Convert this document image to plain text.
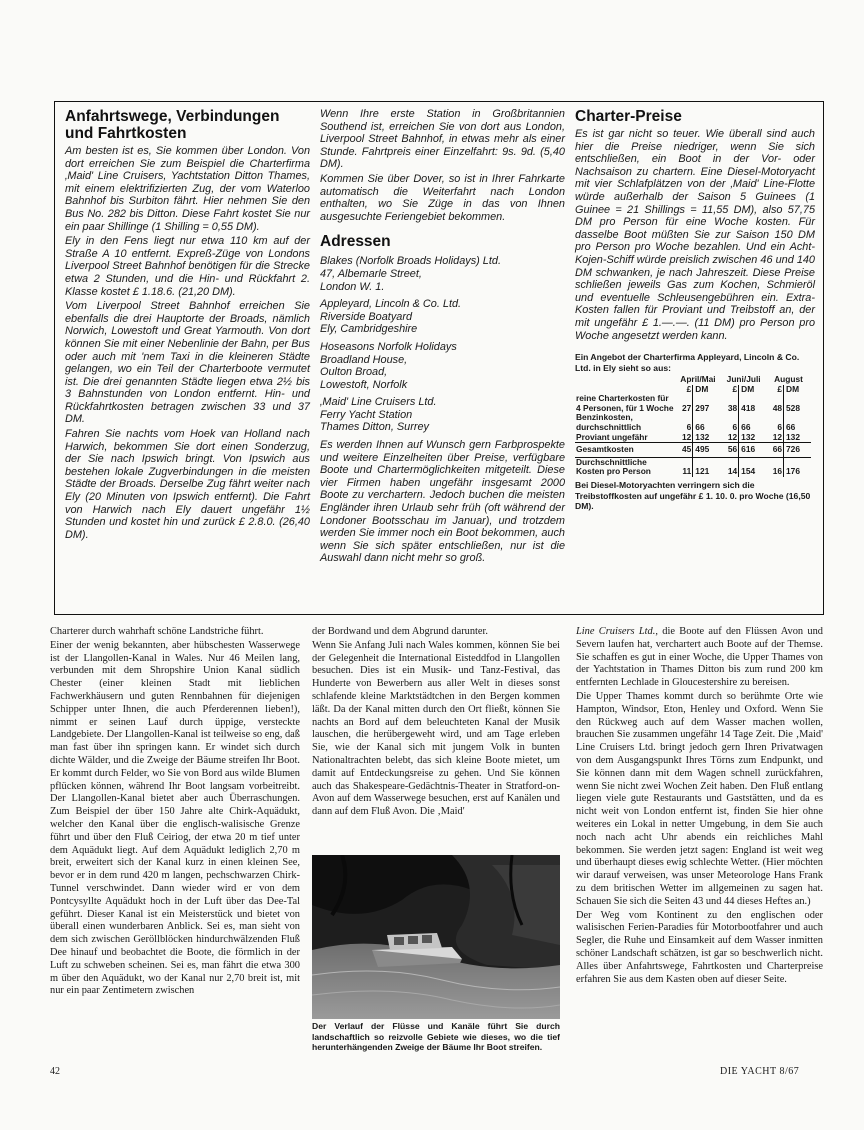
Anfahrtswege, Verbindungen und Fahrtkosten

Am besten ist es, Sie kommen über London. Von dort erreichen Sie zum Beispiel die Charterfirma ‚Maid' Line Cruisers, Yachtstation Ditton Thames, mit einem elektrifizierten Zug, der vom Waterloo Bahnhof bis Surbiton fährt. Hier nehmen Sie den Bus No. 282 bis Ditton. Diese Fahrt kostet Sie nur ein paar Shillinge (1 Shilling = 0,55 DM).

Ely in den Fens liegt nur etwa 110 km auf der Straße A 10 entfernt. Expreß-Züge von Londons Liverpool Street Bahnhof benötigen für die Strecke etwa 2 Stunden, und die Hin- und Rückfahrt 2. Klasse kostet £ 1.18.6. (21,20 DM).

Vom Liverpool Street Bahnhof erreichen Sie ebenfalls die drei Hauptorte der Broads, nämlich Norwich, Lowestoft und Great Yarmouth. Von dort können Sie mit einer Nebenlinie der Bahn, per Bus oder auch mit 'nem Taxi in die kleineren Städte gelangen, wo ein Teil der Charterboote vermutet ist. Die drei genannten Städte liegen etwa 2½ bis 3 Bahnstunden von London entfernt. Hin- und Rückfahrtkosten betragen zwischen 33 und 37 DM.

Fahren Sie nachts vom Hoek van Holland nach Harwich, bekommen Sie dort einen Sonderzug, der Sie nach Ipswich bringt. Von Ipswich aus bestehen lokale Zugverbindungen in die meisten Städte der Broads. Derselbe Zug fährt weiter nach Ely (20 Minuten von Ipswich entfernt). Die Fahrt von Harwich nach Ely dauert ungefähr 1½ Stunden und kostet hin und zurück £ 2.8.0. (26,40 DM).

Wenn Ihre erste Station in Großbritannien Southend ist, erreichen Sie von dort aus London, Liverpool Street Bahnhof, in etwas mehr als einer Stunde. Fahrtpreis einer Einzelfahrt: 9s. 9d. (5,40 DM).

Kommen Sie über Dover, so ist in Ihrer Fahrkarte automatisch die Weiterfahrt nach London enthalten, wo Sie Züge in das von Ihnen ausgesuchte Feriengebiet bekommen.

Adressen
Blakes (Norfolk Broads Holidays) Ltd.
47, Albemarle Street,
London W. 1.
Appleyard, Lincoln & Co. Ltd.
Riverside Boatyard
Ely, Cambridgeshire
Hoseasons Norfolk Holidays
Broadland House,
Oulton Broad,
Lowestoft, Norfolk
‚Maid' Line Cruisers Ltd.
Ferry Yacht Station
Thames Ditton, Surrey

Es werden Ihnen auf Wunsch gern Farbprospekte und weitere Einzelheiten über Preise, verfügbare Boote und Chartermöglichkeiten mitgeteilt. Diese vier Firmen haben ungefähr insgesamt 2000 Boote zu verchartern. Jedoch buchen die meisten Engländer ihren Urlaub sehr früh (oft während der Londoner Bootsschau im Januar), und trotzdem werden Sie immer noch ein Boot bekommen, auch wenn Sie sich später entschließen, nur ist die Auswahl dann nicht mehr so groß.

Charter-Preise

Es ist gar nicht so teuer. Wie überall sind auch hier die Preise niedriger, wenn Sie sich entschließen, ein Boot in der Vor- oder Nachsaison zu chartern. Eine Diesel-Motoryacht mit vier Schlafplätzen von der ‚Maid' Line-Flotte würde außerhalb der Saison 5 Guinees (1 Guinee = 21 Shillings = 11,55 DM), also 57,75 DM pro Person für eine Woche kosten. Für dasselbe Boot müßten Sie zur Saison 150 DM pro Person pro Woche bezahlen. Und ein Acht-Kojen-Schiff würde preislich zwischen 46 und 140 DM schwanken, je nach Jahreszeit. Diese Preise schließen jeweils Gas zum Kochen, Schmieröl und eventuelle Schleusengebühren ein. Extra-Kosten fallen für Proviant und Treibstoff an, der mit ungefähr £ 1.—.—. (11 DM) pro Person pro Woche angesetzt werden kann.

Ein Angebot der Charterfirma Appleyard, Lincoln & Co. Ltd. in Ely sieht so aus:
	April/Mai		Juni/Juli		August	
	£	DM	£	DM	£	DM
reine Charterkosten für 4 Personen, für 1 Woche	27	297	38	418	48	528
Benzinkosten, durchschnittlich	6	66	6	66	6	66
Proviant ungefähr	12	132	12	132	12	132
Gesamtkosten	45	495	56	616	66	726
Durchschnittliche Kosten pro Person	11	121	14	154	16	176
Bei Diesel-Motoryachten verringern sich die Treibstoffkosten auf ungefähr £ 1. 10. 0. pro Woche (16,50 DM).

Charterer durch wahrhaft schöne Landstriche führt.

Einer der wenig bekannten, aber hübschesten Wasserwege ist der Llangollen-Kanal in Wales. Nur 46 Meilen lang, verbunden mit dem Shropshire Union Kanal südlich Chester (einer kleinen Stadt mit lieblichen Fachwerkhäusern und guten Rennbahnen für diejenigen Schipper unter Ihnen, die auch Pferderennen lieben!), nimmt er seinen Lauf durch üppige, versteckte Landgebiete. Der Llangollen-Kanal ist teilweise so eng, daß man fast über ihn springen kann. Er windet sich durch dichte Wälder, und die Zweige der Bäume streifen Ihr Boot. Er kommt durch Felder, wo Sie von Bord aus wilde Blumen pflücken können, während Ihr Boot langsam vorbeitreibt. Der Llangollen-Kanal bietet aber auch Überraschungen. Zum Beispiel der über 150 Jahre alte Chirk-Aquädukt, welcher den Kanal über die englisch-walisische Grenze führt und über den Fluß Ceiriog, der etwa 20 m tief unter dem Aquädukt liegt. Auf dem Aquädukt lediglich 2,70 m breit, erweitert sich der Kanal kurz in einen kleinen See, bevor er in dem rund 420 m langen, pechschwarzen Chirk-Tunnel verschwindet. Dann wieder wird er von dem Pontcysyllte Aquädukt hoch in der Luft über das Dee-Tal geführt. Dieser Kanal ist ein Meisterstück und bietet von überall einen wunderbaren Anblick. Sei es, man sieht von dem sich zwischen Geröllblöcken hindurchwälzenden Fluß Dee hinauf und beobachtet die Boote, die förmlich in der Luft zu schweben scheinen. Sei es, man fährt die etwa 300 m über den Aquädukt, wo der Kanal nur 2,70 breit ist, mit nur ein paar Zentimetern zwischen

der Bordwand und dem Abgrund darunter.

Wenn Sie Anfang Juli nach Wales kommen, können Sie bei der Gelegenheit die International Eisteddfod in Llangollen besuchen. Dies ist ein Musik- und Tanz-Festival, das Hunderte von Bewerbern aus aller Welt in dieses sonst schlafende kleine Marktstädtchen in den Bergen kommen läßt. Da der Kanal mitten durch den Ort fließt, können Sie nachts an Bord auf dem beleuchteten Kanal der Musik lauschen, die herübergeweht wird, und am Tage erleben Sie, wie der Kanal sich mit jungem Volk in bunten Nationaltrachten belebt, das sich kleine Boote mietet, um damit auf Entdeckungsreise zu gehen. Und Sie können auch das Shakespeare-Gedächtnis-Theater in Stratford-on-Avon auf dem Wasserwege besuchen, erst auf Kanälen und dann auf dem Fluß Avon. Die ‚Maid'

Der Verlauf der Flüsse und Kanäle führt Sie durch landschaftlich so reizvolle Gebiete wie dieses, wo die tief herunterhängenden Zweige der Bäume Ihr Boot streifen.

Line Cruisers Ltd., die Boote auf den Flüssen Avon und Severn laufen hat, verchartert auch Boote auf der Themse. Sie schaffen es gut in einer Woche, die Upper Thames von der Yachtstation in Thames Ditton bis zum rund 200 km entfernten Lechlade in Gloucestershire zu bereisen.

Die Upper Thames kommt durch so berühmte Orte wie Hampton, Windsor, Eton, Henley und Oxford. Wenn Sie den Rückweg auch auf dem Wasser machen wollen, brauchen Sie zusammen ungefähr 14 Tage Zeit. Die ‚Maid' Line Cruisers Ltd. bringt jedoch gern Ihren Privatwagen von dem Ausgangspunkt Ihres Törns zum Endpunkt, und Sie können dann mit dem Wagen schnell zurückfahren, wenn Sie nicht zwei Wochen Zeit haben. Den Fluß entlang liegen viele gute Restaurants und Gaststätten, und da es nicht weit von London entfernt ist, finden Sie hier ohne weiteres ein Lokal in netter Umgebung, in dem Sie auch noch nach acht Uhr abends ein reichliches Mahl bekommen. Sie werden jetzt sagen: England ist weit weg und überhaupt dieses ewig schlechte Wetter. (Hier möchten wir darauf verweisen, was unser Meteorologe Hans Frank zu dem britischen Wetter im allgemeinen zu sagen hat. Schauen Sie sich die Seiten 43 und 44 dieses Heftes an.)

Der Weg vom Kontinent zu den englischen oder walisischen Ferien-Paradies für Motorbootfahrer und auch Segler, die Ruhe und Einsamkeit auf dem Wasser inmitten schöner Landschaft schätzen, ist gar so beschwerlich nicht. Alles über Anfahrtswege, Fahrtkosten und Charterpreise erfahren Sie aus dem Kasten oben auf dieser Seite.

42	DIE YACHT 8/67
